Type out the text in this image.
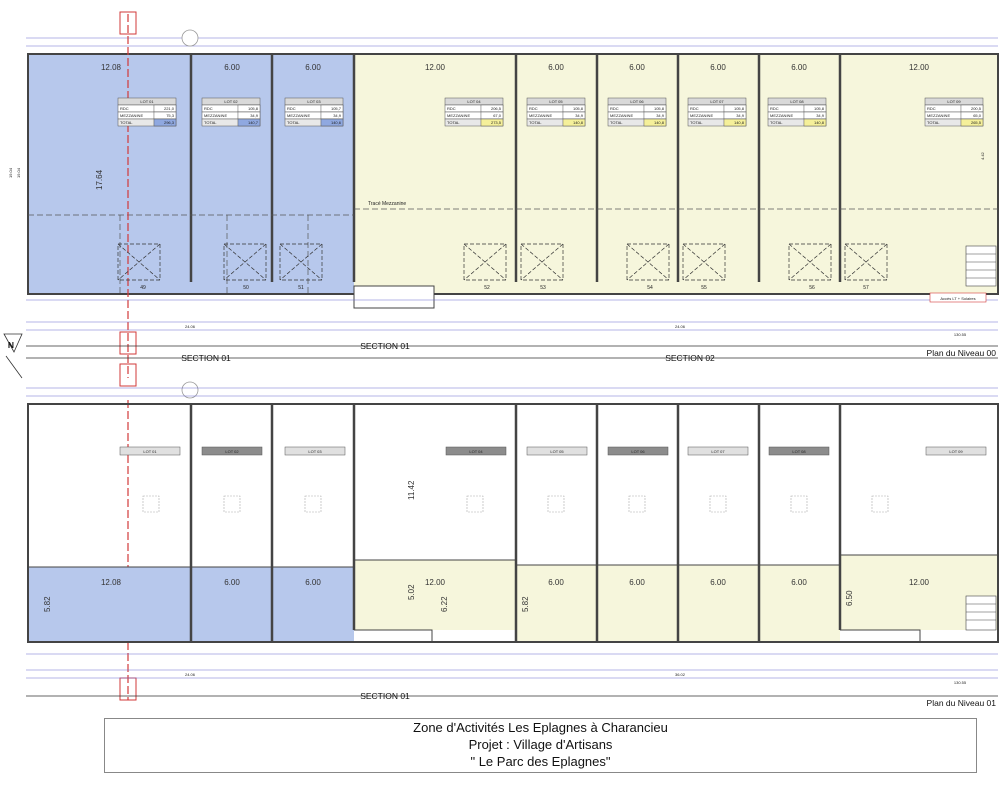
Tracé Mezzanine
12.08	6.00	6.00	12.00	6.00	6.00	6.00	6.00	12.00
17.64
19.04 19.04
4.42
LOT 01
RDC	221,0
MEZZANINE	75,3
TOTAL	296,3
LOT 02
RDC	105,8
MEZZANINE	34,9
TOTAL	140,7
LOT 03
RDC	105,7
MEZZANINE	34,9
TOTAL	140,6
LOT 04
RDC	206,5
MEZZANINE	67,0
TOTAL	273,5
LOT 05
RDC	105,8
MEZZANINE	34,9
TOTAL	140,8
LOT 06
RDC	105,8
MEZZANINE	34,9
TOTAL	140,8
LOT 07
RDC	105,8
MEZZANINE	34,9
TOTAL	140,8
LOT 08
RDC	105,8
MEZZANINE	34,9
TOTAL	140,8
LOT 09
RDC	200,5
MEZZANINE	65,0
TOTAL	265,5
49	50	51	52	53	54	55	56	57
24.06	24.06
130.55
Accès LT + Solaires
SECTION 01
SECTION 01	SECTION 02	Plan du Niveau 00
N
LOT 01	LOT 02	LOT 03	LOT 04	LOT 05	LOT 06	LOT 07	LOT 08	LOT 09
12.08	6.00	6.00	12.00	6.00	6.00	6.00	6.00	12.00
5.82
11.42
5.02
6.22	5.82	6.50
24.06	36.02
130.55
SECTION 01
Plan du Niveau 01
Zone d'Activités Les Eplagnes à Charancieu
Projet : Village d'Artisans
" Le Parc des Eplagnes"
